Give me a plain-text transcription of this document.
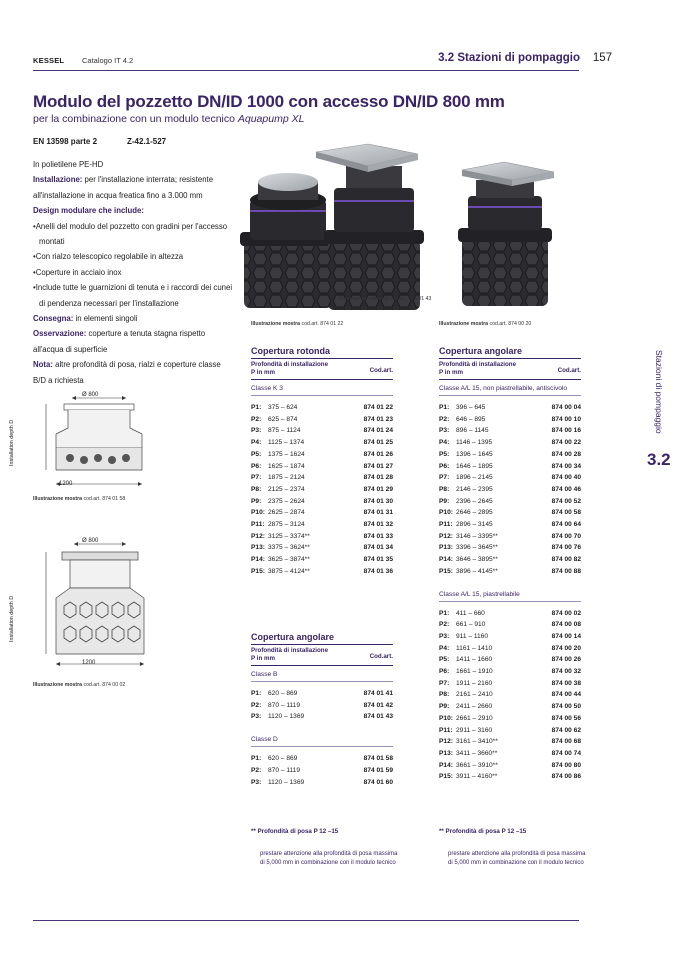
KESSEL Catalogo IT 4.2	3.2 Stazioni di pompaggio 157
Modulo del pozzetto DN/ID 1000 con accesso DN/ID 800 mm
per la combinazione con un modulo tecnico Aquapump XL
EN 13598 parte 2	Z-42.1-527
In polietilene PE-HD
Installazione: per l'installazione interrata; resistente all'installazione in acqua freatica fino a 3.000 mm
Design modulare che include:
• Anelli del modulo del pozzetto con gradini per l'accesso montati
• Con rialzo telescopico regolabile in altezza
• Coperture in acciaio inox
• Include tutte le guarnizioni di tenuta e i raccordi dei cunei di pendenza necessari per l'installazione
Consegna: in elementi singoli
Osservazione: coperture a tenuta stagna rispetto all'acqua di superficie
Nota: altre profondità di posa, rialzi e coperture classe B/D a richiesta
Illustrazione mostra cod.art. 874 01 43
Illustrazione mostra cod.art. 874 01 22	Illustrazione mostra cod.art. 874 00 20
Ø 800
1200
Installation depth D
Illustrazione mostra cod.art. 874 01 58
Ø 800
1200
Installation depth D
Illustrazione mostra cod.art. 874 00 02
Copertura rotonda
Profondità di installazione
P in mm	Cod.art.
Classe K 3
P1:	375 – 624	874 01 22
P2:	625 – 874	874 01 23
P3:	875 – 1124	874 01 24
P4:	1125 – 1374	874 01 25
P5:	1375 – 1624	874 01 26
P6:	1625 – 1874	874 01 27
P7:	1875 – 2124	874 01 28
P8:	2125 – 2374	874 01 29
P9:	2375 – 2624	874 01 30
P10: 2625 – 2874	874 01 31
P11: 2875 – 3124	874 01 32
P12: 3125 – 3374**	874 01 33
P13: 3375 – 3624**	874 01 34
P14: 3625 – 3874**	874 01 35
P15: 3875 – 4124**	874 01 36
Copertura angolare
Profondità di installazione
P in mm	Cod.art.
Classe B
P1:	620 – 869	874 01 41
P2:	870 – 1119	874 01 42
P3:	1120 – 1369	874 01 43
Classe D
P1:	620 – 869	874 01 58
P2:	870 – 1119	874 01 59
P3:	1120 – 1369	874 01 60
Copertura angolare
Profondità di installazione
P in mm	Cod.art.
Classe A/L 15, non piastrellabile, antiscivolo
P1:	396 – 645	874 00 04
P2:	646 – 895	874 00 10
P3:	896 – 1145	874 00 16
P4:	1146 – 1395	874 00 22
P5:	1396 – 1645	874 00 28
P6:	1646 – 1895	874 00 34
P7:	1896 – 2145	874 00 40
P8:	2146 – 2395	874 00 46
P9:	2396 – 2645	874 00 52
P10: 2646 – 2895	874 00 58
P11: 2896 – 3145	874 00 64
P12: 3146 – 3395**	874 00 70
P13: 3396 – 3645**	874 00 76
P14: 3646 – 3895**	874 00 82
P15: 3896 – 4145**	874 00 88
Classe A/L 15, piastrellabile
P1:	411 – 660	874 00 02
P2:	661 – 910	874 00 08
P3:	911 – 1160	874 00 14
P4:	1161 – 1410	874 00 20
P5:	1411 – 1660	874 00 26
P6:	1661 – 1910	874 00 32
P7:	1911 – 2160	874 00 38
P8:	2161 – 2410	874 00 44
P9:	2411 – 2660	874 00 50
P10: 2661 – 2910	874 00 56
P11: 2911 – 3160	874 00 62
P12: 3161 – 3410**	874 00 68
P13: 3411 – 3660**	874 00 74
P14: 3661 – 3910**	874 00 80
P15: 3911 – 4160**	874 00 86
** Profondità di posa P 12 –15
prestare attenzione alla profondità di posa massima di 5,000 mm in combinazione con il modulo tecnico
** Profondità di posa P 12 –15
prestare attenzione alla profondità di posa massima di 5,000 mm in combinazione con il modulo tecnico
Stazioni di pompaggio
3.2
